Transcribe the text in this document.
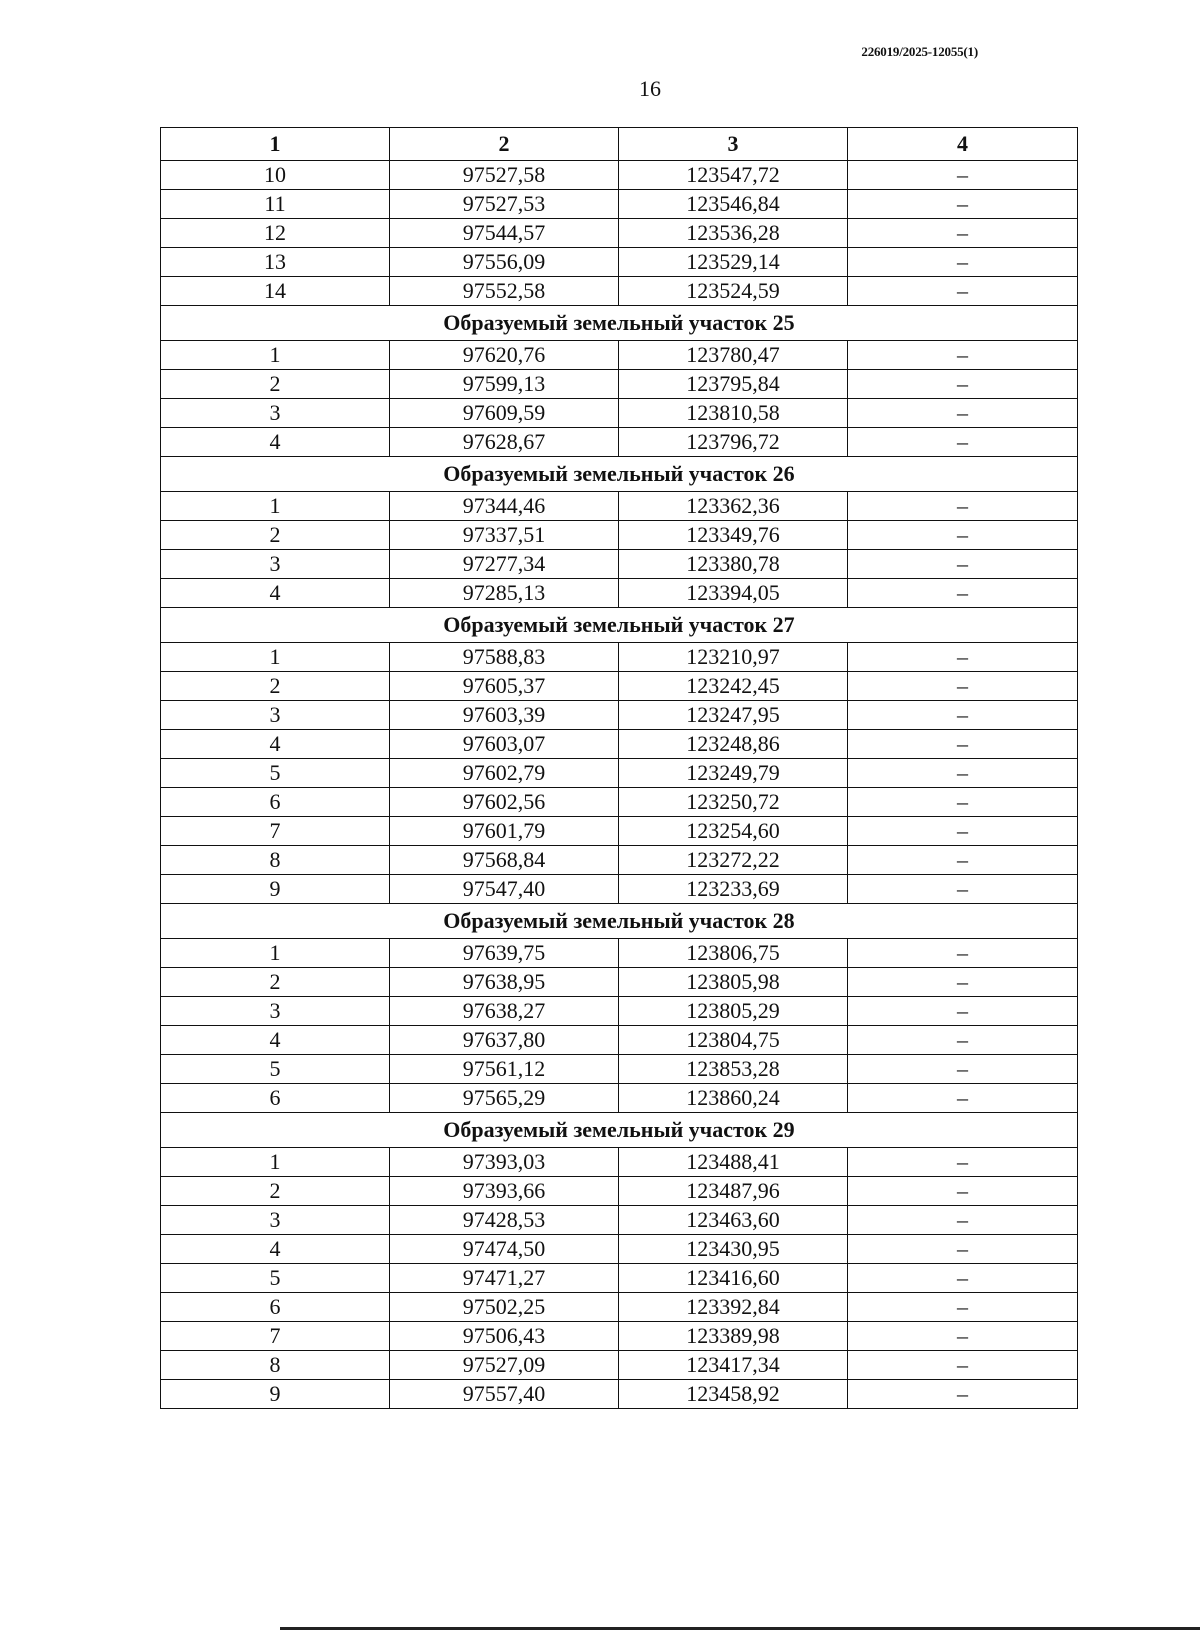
226019/2025-12055(1)
16
1	2	3	4
10	97527,58	123547,72	–
11	97527,53	123546,84	–
12	97544,57	123536,28	–
13	97556,09	123529,14	–
14	97552,58	123524,59	–
Образуемый земельный участок 25			
1	97620,76	123780,47	–
2	97599,13	123795,84	–
3	97609,59	123810,58	–
4	97628,67	123796,72	–
Образуемый земельный участок 26			
1	97344,46	123362,36	–
2	97337,51	123349,76	–
3	97277,34	123380,78	–
4	97285,13	123394,05	–
Образуемый земельный участок 27			
1	97588,83	123210,97	–
2	97605,37	123242,45	–
3	97603,39	123247,95	–
4	97603,07	123248,86	–
5	97602,79	123249,79	–
6	97602,56	123250,72	–
7	97601,79	123254,60	–
8	97568,84	123272,22	–
9	97547,40	123233,69	–
Образуемый земельный участок 28			
1	97639,75	123806,75	–
2	97638,95	123805,98	–
3	97638,27	123805,29	–
4	97637,80	123804,75	–
5	97561,12	123853,28	–
6	97565,29	123860,24	–
Образуемый земельный участок 29			
1	97393,03	123488,41	–
2	97393,66	123487,96	–
3	97428,53	123463,60	–
4	97474,50	123430,95	–
5	97471,27	123416,60	–
6	97502,25	123392,84	–
7	97506,43	123389,98	–
8	97527,09	123417,34	–
9	97557,40	123458,92	–
